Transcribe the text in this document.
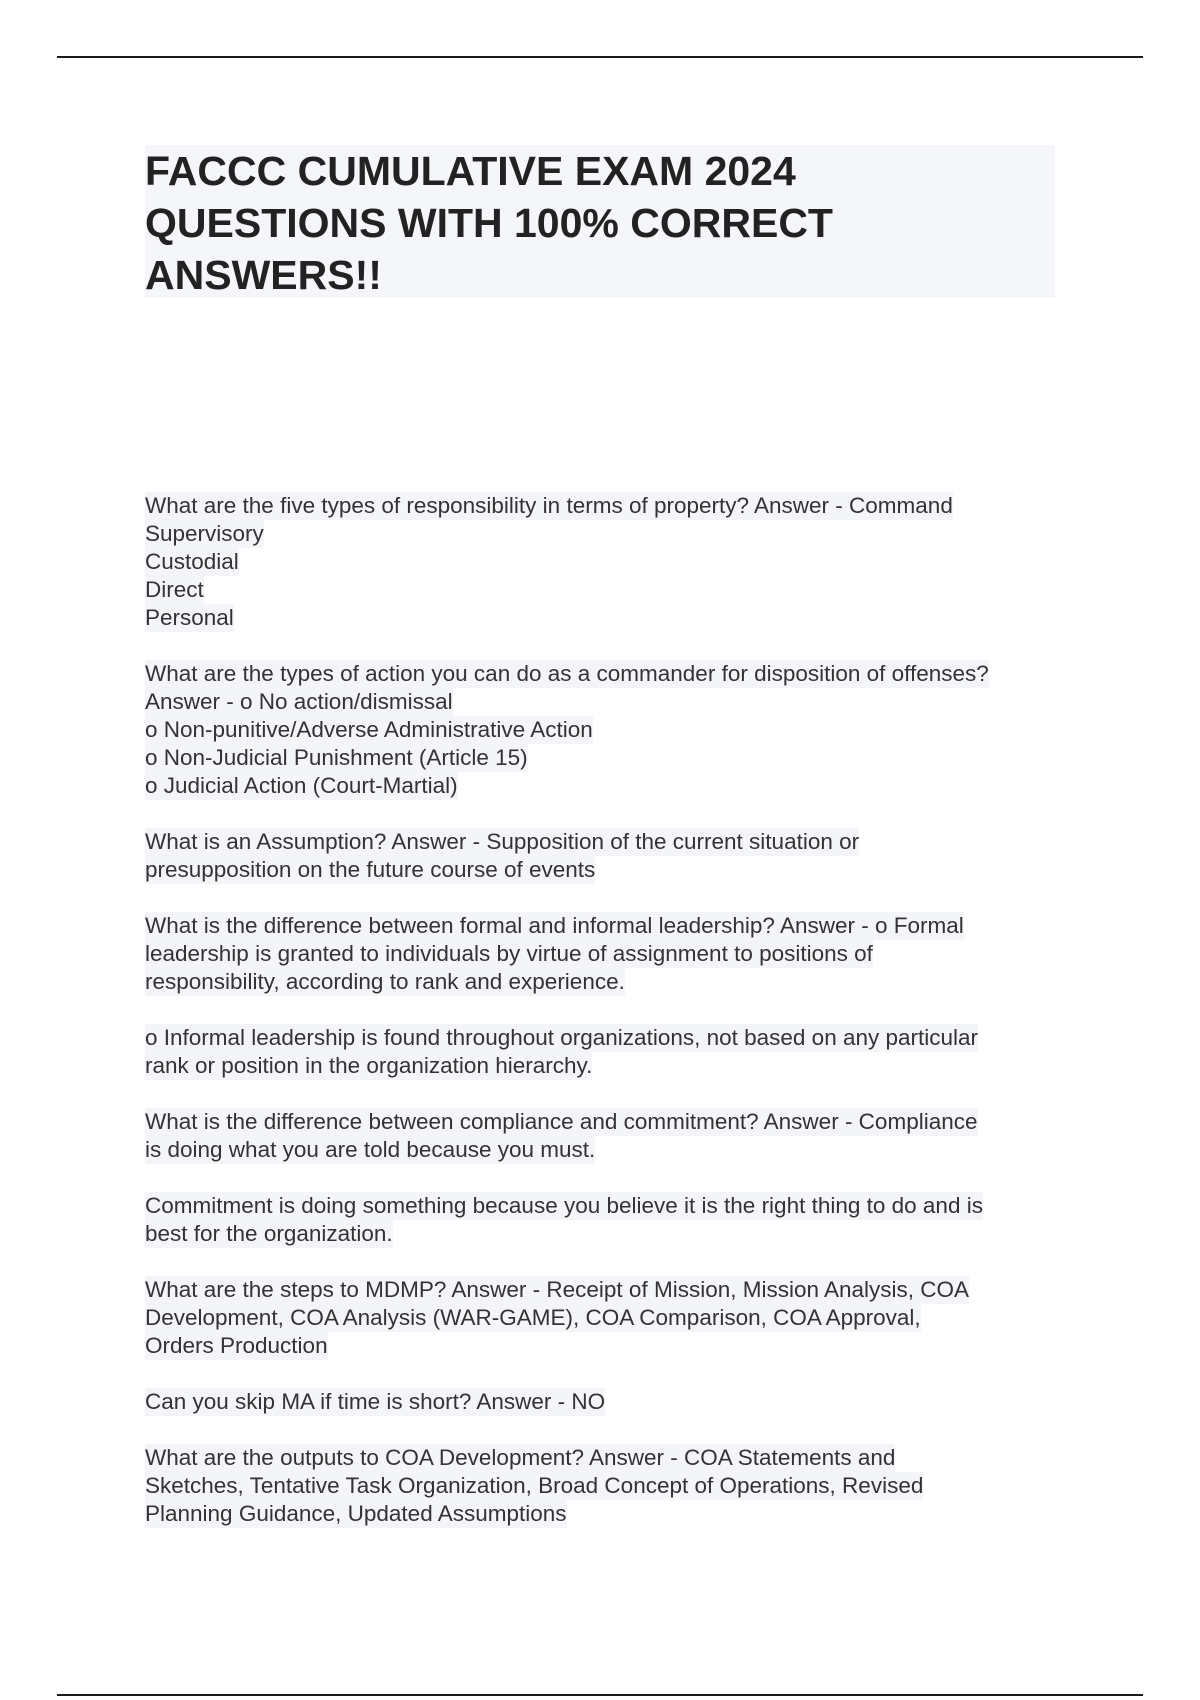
FACCC CUMULATIVE EXAM 2024
QUESTIONS WITH 100% CORRECT
ANSWERS!!
What are the five types of responsibility in terms of property? Answer - Command
Supervisory
Custodial
Direct
Personal
What are the types of action you can do as a commander for disposition of offenses?
Answer - o No action/dismissal
o Non-punitive/Adverse Administrative Action
o Non-Judicial Punishment (Article 15)
o Judicial Action (Court-Martial)
What is an Assumption? Answer - Supposition of the current situation or
presupposition on the future course of events
What is the difference between formal and informal leadership? Answer - o Formal
leadership is granted to individuals by virtue of assignment to positions of
responsibility, according to rank and experience.
o Informal leadership is found throughout organizations, not based on any particular
rank or position in the organization hierarchy.
What is the difference between compliance and commitment? Answer - Compliance
is doing what you are told because you must.
Commitment is doing something because you believe it is the right thing to do and is
best for the organization.
What are the steps to MDMP? Answer - Receipt of Mission, Mission Analysis, COA
Development, COA Analysis (WAR-GAME), COA Comparison, COA Approval,
Orders Production
Can you skip MA if time is short? Answer - NO
What are the outputs to COA Development? Answer - COA Statements and
Sketches, Tentative Task Organization, Broad Concept of Operations, Revised
Planning Guidance, Updated Assumptions
